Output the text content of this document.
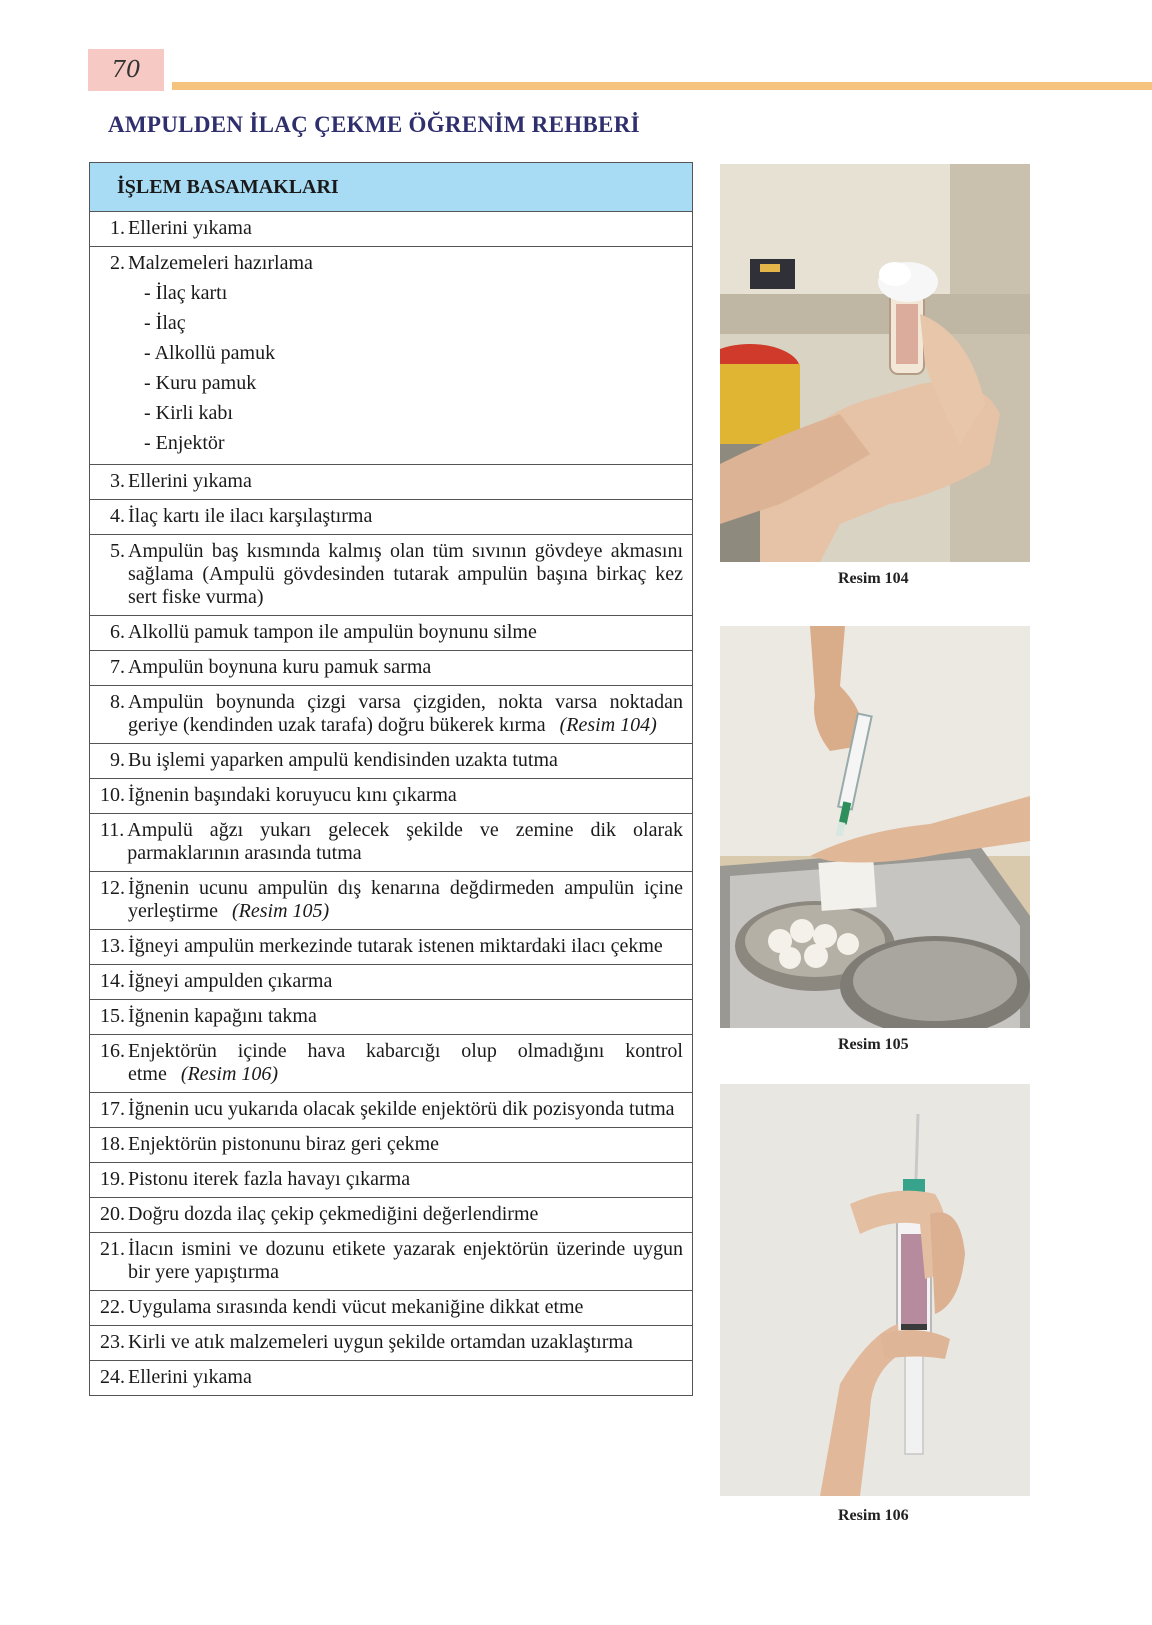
70
AMPULDEN İLAÇ ÇEKME ÖĞRENİM REHBERİ
İŞLEM BASAMAKLARI

1. Ellerini yıkama

2. Malzemeleri hazırlama
- İlaç kartı
- İlaç
- Alkollü pamuk
- Kuru pamuk
- Kirli kabı
- Enjektör

3. Ellerini yıkama

4. İlaç kartı ile ilacı karşılaştırma

5. Ampulün baş kısmında kalmış olan tüm sıvının gövdeye akmasını sağlama (Ampulü gövdesinden tutarak ampulün başına birkaç kez sert fiske vurma)

6. Alkollü pamuk tampon ile ampulün boynunu silme

7. Ampulün boynuna kuru pamuk sarma

8. Ampulün boynunda çizgi varsa çizgiden, nokta varsa noktadan geriye (kendinden uzak tarafa) doğru bükerek kırma (Resim 104)

9. Bu işlemi yaparken ampulü kendisinden uzakta tutma

10. İğnenin başındaki koruyucu kını çıkarma

11. Ampulü ağzı yukarı gelecek şekilde ve zemine dik olarak parmaklarının arasında tutma

12. İğnenin ucunu ampulün dış kenarına değdirmeden ampulün içine yerleştirme (Resim 105)

13. İğneyi ampulün merkezinde tutarak istenen miktardaki ilacı çekme

14. İğneyi ampulden çıkarma

15. İğnenin kapağını takma

16. Enjektörün içinde hava kabarcığı olup olmadığını kontrol etme (Resim 106)

17. İğnenin ucu yukarıda olacak şekilde enjektörü dik pozisyonda tutma

18. Enjektörün pistonunu biraz geri çekme

19. Pistonu iterek fazla havayı çıkarma

20. Doğru dozda ilaç çekip çekmediğini değerlendirme

21. İlacın ismini ve dozunu etikete yazarak enjektörün üzerinde uygun bir yere yapıştırma

22. Uygulama sırasında kendi vücut mekaniğine dikkat etme

23. Kirli ve atık malzemeleri uygun şekilde ortamdan uzaklaştırma

24. Ellerini yıkama
Resim 104
Resim 105
Resim 106
